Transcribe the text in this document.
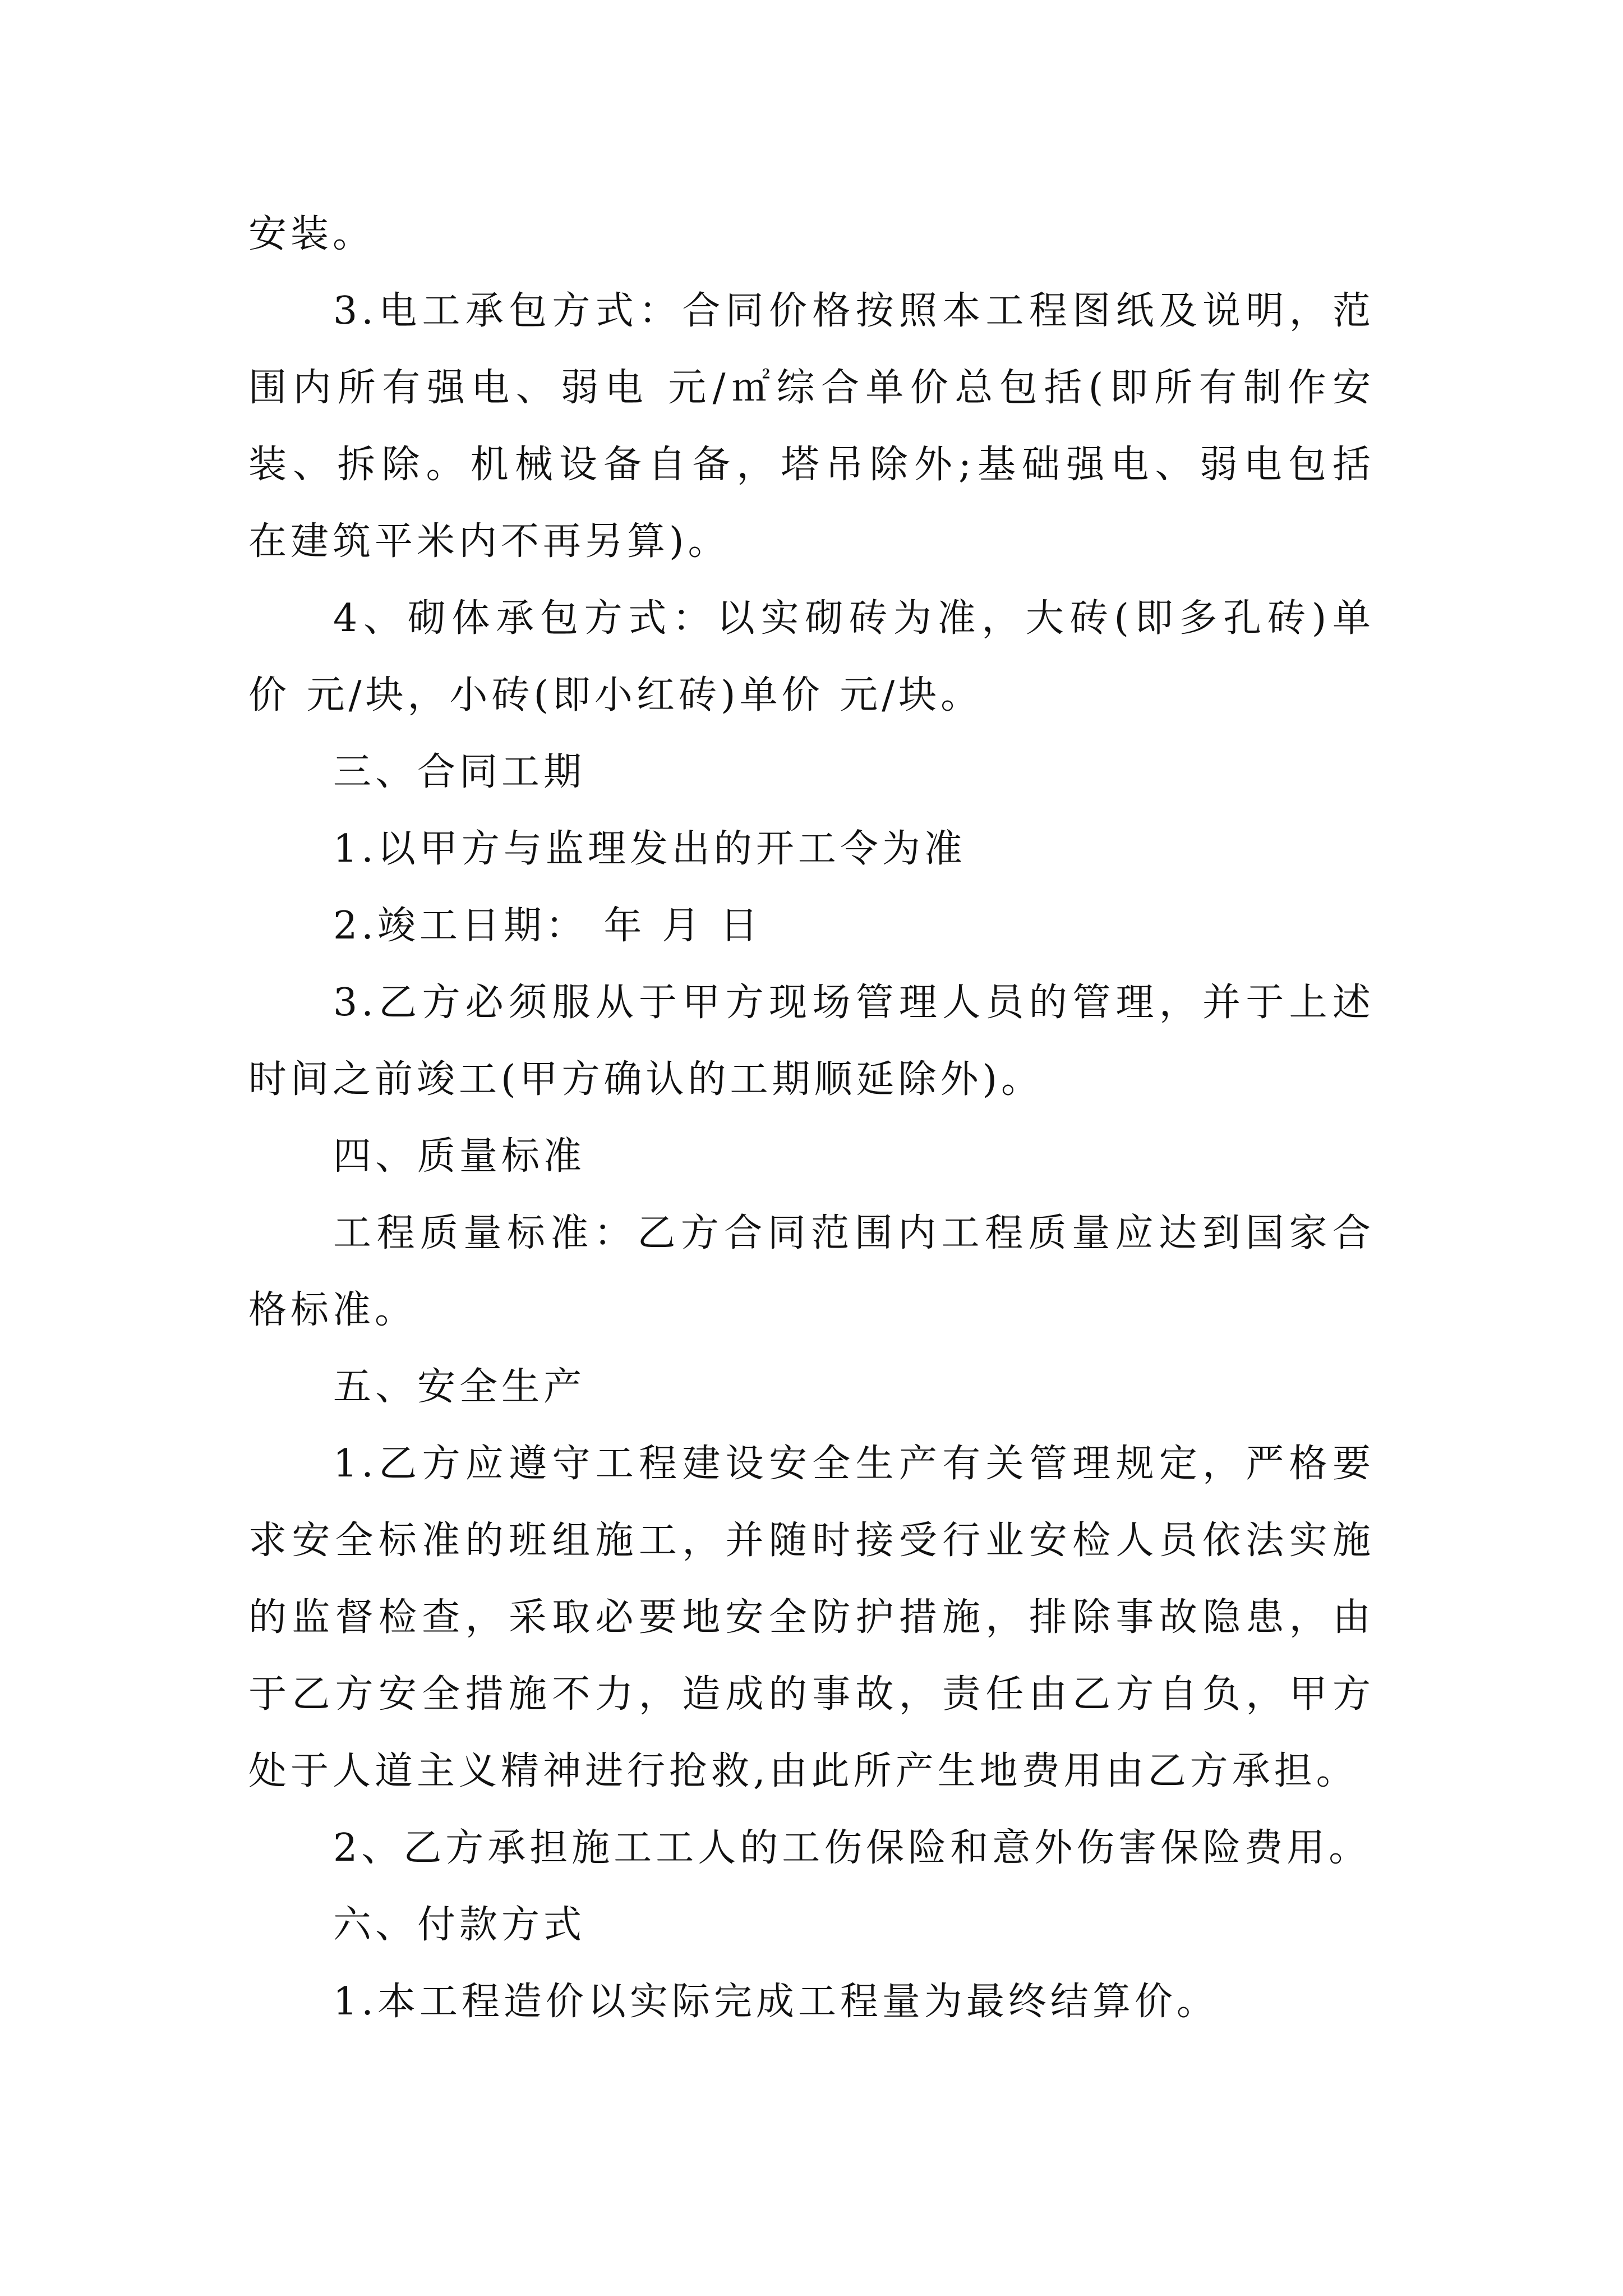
安装。
3.电工承包方式：合同价格按照本工程图纸及说明，范
围内所有强电、弱电 元/㎡综合单价总包括(即所有制作安
装、拆除。机械设备自备，塔吊除外;基础强电、弱电包括
在建筑平米内不再另算)。
4、砌体承包方式：以实砌砖为准，大砖(即多孔砖)单
价 元/块，小砖(即小红砖)单价 元/块。
三、合同工期
1.以甲方与监理发出的开工令为准
2.竣工日期： 年 月 日
3.乙方必须服从于甲方现场管理人员的管理，并于上述
时间之前竣工(甲方确认的工期顺延除外)。
四、质量标准
工程质量标准：乙方合同范围内工程质量应达到国家合
格标准。
五、安全生产
1.乙方应遵守工程建设安全生产有关管理规定，严格要
求安全标准的班组施工，并随时接受行业安检人员依法实施
的监督检查，采取必要地安全防护措施，排除事故隐患，由
于乙方安全措施不力，造成的事故，责任由乙方自负，甲方
处于人道主义精神进行抢救,由此所产生地费用由乙方承担。
2、乙方承担施工工人的工伤保险和意外伤害保险费用。
六、付款方式
1.本工程造价以实际完成工程量为最终结算价。
